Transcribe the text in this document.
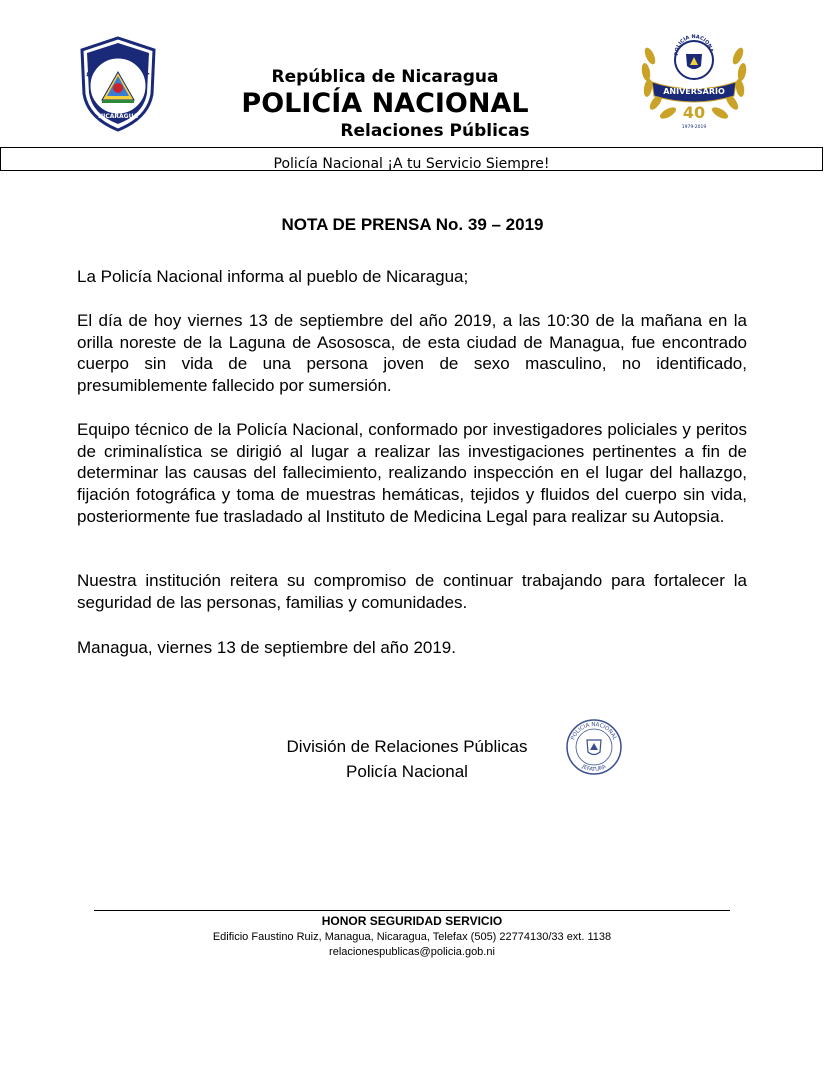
POLICIA NACIONAL
NICARAGUA
República de Nicaragua
POLICÍA NACIONAL
Relaciones Públicas
POLICIA NACIONA
ANIVERSARIO
40
1979-2019
Policía Nacional ¡A tu Servicio Siempre!
NOTA DE PRENSA No. 39 – 2019
La Policía Nacional informa al pueblo de Nicaragua;
El día de hoy viernes 13 de septiembre del año 2019, a las 10:30 de la mañana en la orilla noreste de la Laguna de Asososca, de esta ciudad de Managua, fue encontrado cuerpo sin vida de una persona joven de sexo masculino, no identificado, presumiblemente fallecido por sumersión.
Equipo técnico de la Policía Nacional, conformado por investigadores policiales y peritos de criminalística se dirigió al lugar a realizar las investigaciones pertinentes a fin de determinar las causas del fallecimiento, realizando inspección en el lugar del hallazgo, fijación fotográfica y toma de muestras hemáticas, tejidos y fluidos del cuerpo sin vida, posteriormente fue trasladado al Instituto de Medicina Legal para realizar su Autopsia.
Nuestra institución reitera su compromiso de continuar trabajando para fortalecer la seguridad de las personas, familias y comunidades.
Managua, viernes 13 de septiembre del año 2019.
División de Relaciones Públicas
Policía Nacional
POLICIA NACIONAL
JEFATURA
HONOR SEGURIDAD SERVICIO
Edificio Faustino Ruiz, Managua, Nicaragua, Telefax (505) 22774130/33 ext. 1138
relacionespublicas@policia.gob.ni
